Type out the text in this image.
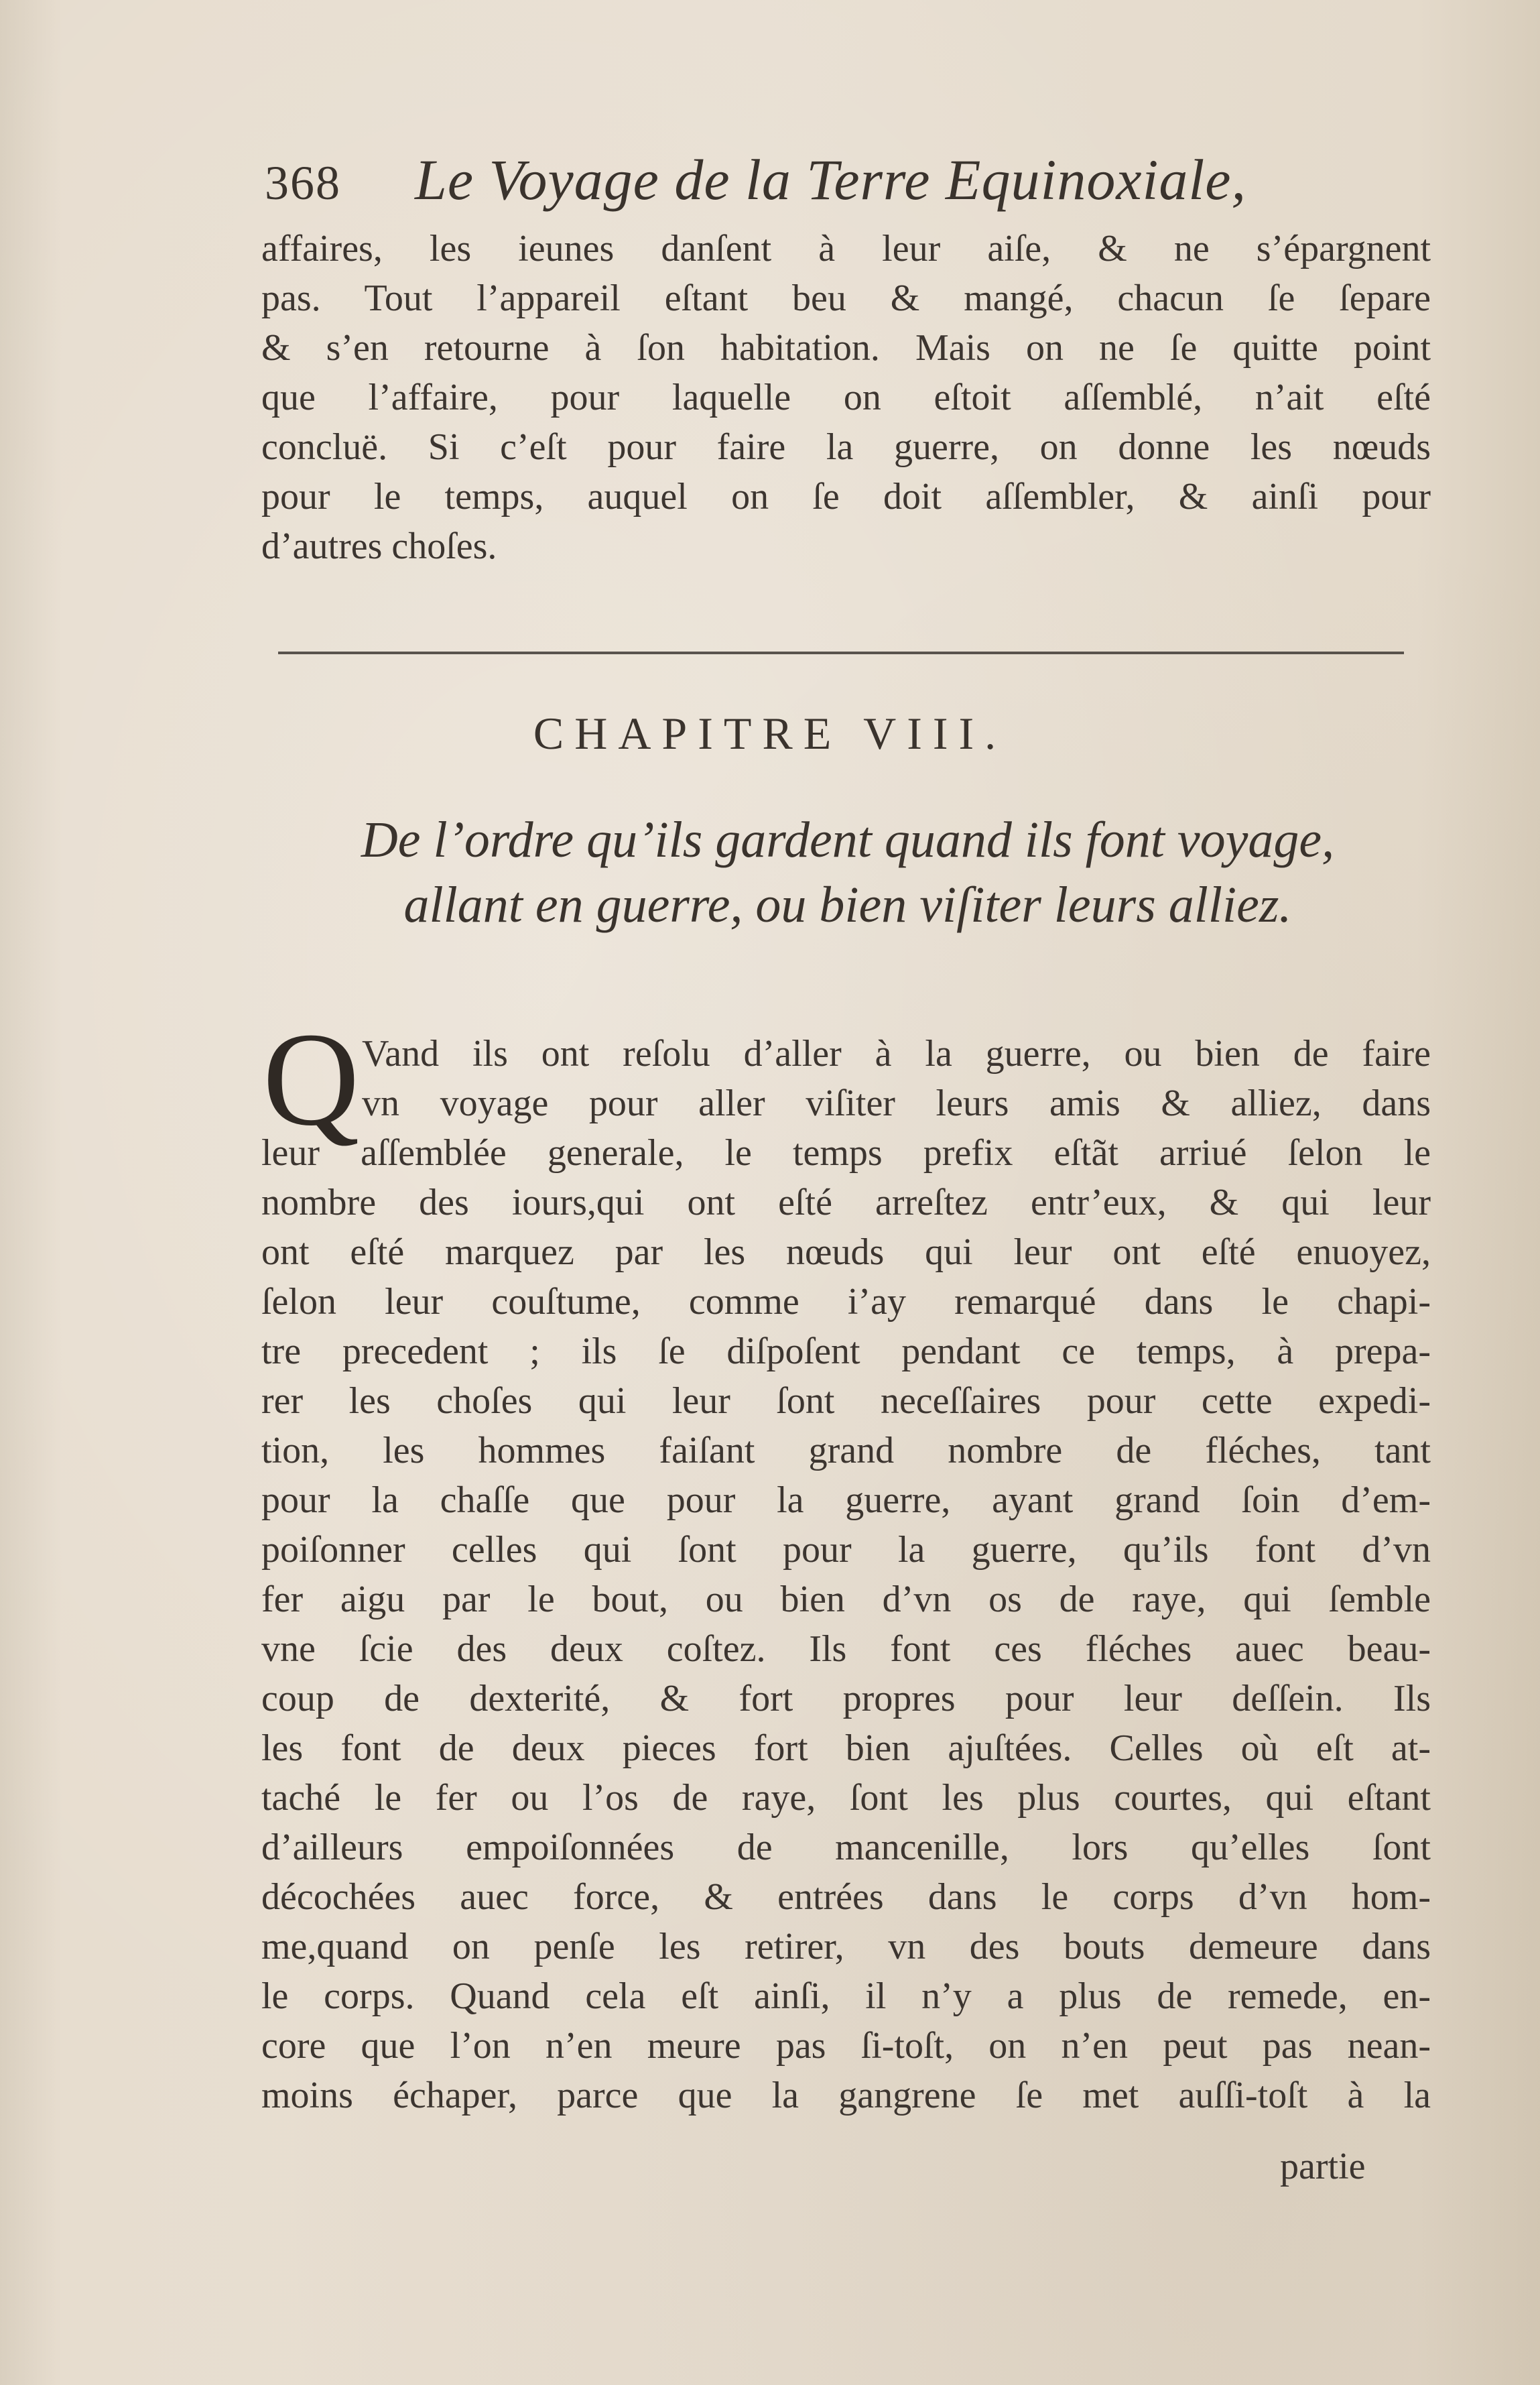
368 Le Voyage de la Terre Equinoxiale,
affaires, les ieunes danſent à leur aiſe, & ne s’épargnent
pas. Tout l’appareil eſtant beu & mangé, chacun ſe ſepare
& s’en retourne à ſon habitation. Mais on ne ſe quitte point
que l’affaire, pour laquelle on eſtoit aſſemblé, n’ait eſté
concluë. Si c’eſt pour faire la guerre, on donne les nœuds
pour le temps, auquel on ſe doit aſſembler, & ainſi pour
d’autres choſes.
CHAPITRE VIII.
De l’ordre qu’ils gardent quand ils font voyage,
allant en guerre, ou bien viſiter leurs alliez.
Q Vand ils ont reſolu d’aller à la guerre, ou bien de faire
vn voyage pour aller viſiter leurs amis & alliez, dans
leur aſſemblée generale, le temps prefix eſtãt arriué ſelon le
nombre des iours,qui ont eſté arreſtez entr’eux, & qui leur
ont eſté marquez par les nœuds qui leur ont eſté enuoyez,
ſelon leur couſtume, comme i’ay remarqué dans le chapi-
tre precedent ; ils ſe diſpoſent pendant ce temps, à prepa-
rer les choſes qui leur ſont neceſſaires pour cette expedi-
tion, les hommes faiſant grand nombre de fléches, tant
pour la chaſſe que pour la guerre, ayant grand ſoin d’em-
poiſonner celles qui ſont pour la guerre, qu’ils font d’vn
fer aigu par le bout, ou bien d’vn os de raye, qui ſemble
vne ſcie des deux coſtez. Ils font ces fléches auec beau-
coup de dexterité, & fort propres pour leur deſſein. Ils
les font de deux pieces fort bien ajuſtées. Celles où eſt at-
taché le fer ou l’os de raye, ſont les plus courtes, qui eſtant
d’ailleurs empoiſonnées de mancenille, lors qu’elles ſont
décochées auec force, & entrées dans le corps d’vn hom-
me,quand on penſe les retirer, vn des bouts demeure dans
le corps. Quand cela eſt ainſi, il n’y a plus de remede, en-
core que l’on n’en meure pas ſi-toſt, on n’en peut pas nean-
moins échaper, parce que la gangrene ſe met auſſi-toſt à la
partie
